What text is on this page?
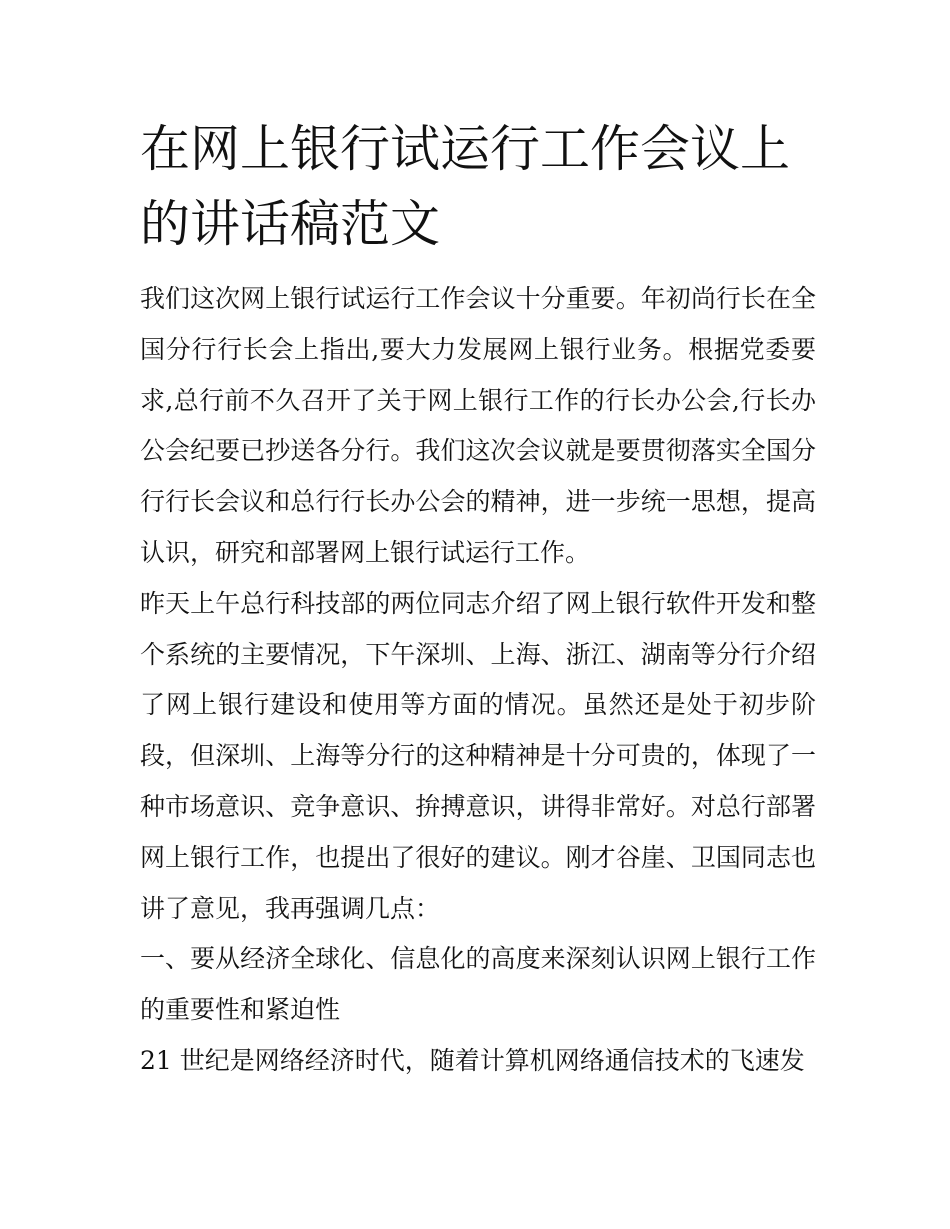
在网上银行试运行工作会议上的讲话稿范文

我们这次网上银行试运行工作会议十分重要。年初尚行长在全国分行行长会上指出,要大力发展网上银行业务。根据党委要求,总行前不久召开了关于网上银行工作的行长办公会,行长办公会纪要已抄送各分行。我们这次会议就是要贯彻落实全国分行行长会议和总行行长办公会的精神，进一步统一思想，提高认识，研究和部署网上银行试运行工作。

昨天上午总行科技部的两位同志介绍了网上银行软件开发和整个系统的主要情况，下午深圳、上海、浙江、湖南等分行介绍了网上银行建设和使用等方面的情况。虽然还是处于初步阶段，但深圳、上海等分行的这种精神是十分可贵的，体现了一种市场意识、竞争意识、拚搏意识，讲得非常好。对总行部署网上银行工作，也提出了很好的建议。刚才谷崖、卫国同志也讲了意见，我再强调几点：

一、要从经济全球化、信息化的高度来深刻认识网上银行工作的重要性和紧迫性

21 世纪是网络经济时代，随着计算机网络通信技术的飞速发
